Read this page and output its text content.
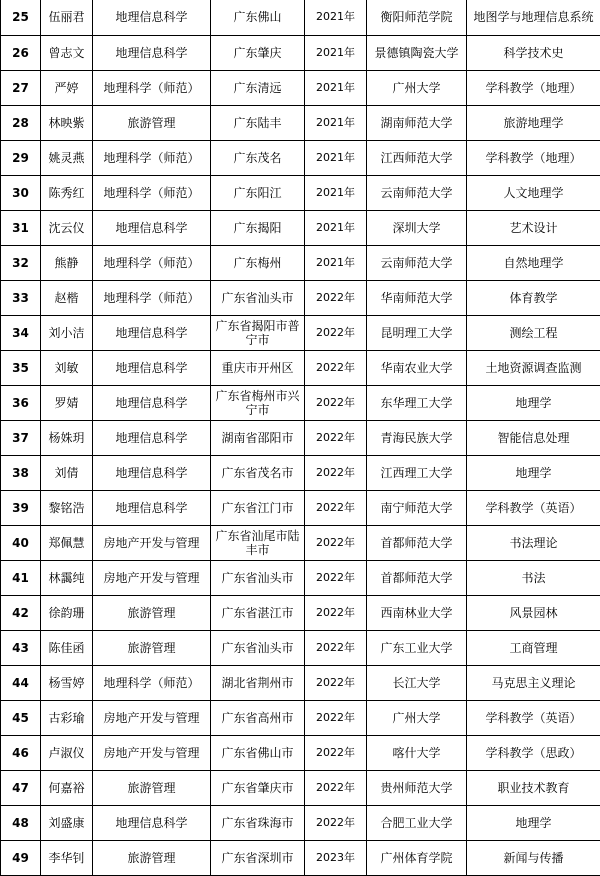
25	伍丽君	地理信息科学	广东佛山	2021年	衡阳师范学院	地图学与地理信息系统
26	曾志文	地理信息科学	广东肇庆	2021年	景德镇陶瓷大学	科学技术史
27	严婷	地理科学（师范）	广东清远	2021年	广州大学	学科教学（地理）
28	林映紫	旅游管理	广东陆丰	2021年	湖南师范大学	旅游地理学
29	姚灵燕	地理科学（师范）	广东茂名	2021年	江西师范大学	学科教学（地理）
30	陈秀红	地理科学（师范）	广东阳江	2021年	云南师范大学	人文地理学
31	沈云仪	地理信息科学	广东揭阳	2021年	深圳大学	艺术设计
32	熊静	地理科学（师范）	广东梅州	2021年	云南师范大学	自然地理学
33	赵楷	地理科学（师范）	广东省汕头市	2022年	华南师范大学	体育教学
34	刘小洁	地理信息科学	广东省揭阳市普宁市	2022年	昆明理工大学	测绘工程
35	刘敏	地理信息科学	重庆市开州区	2022年	华南农业大学	土地资源调查监测
36	罗婧	地理信息科学	广东省梅州市兴宁市	2022年	东华理工大学	地理学
37	杨姝玥	地理信息科学	湖南省邵阳市	2022年	青海民族大学	智能信息处理
38	刘倩	地理信息科学	广东省茂名市	2022年	江西理工大学	地理学
39	黎铭浩	地理信息科学	广东省江门市	2022年	南宁师范大学	学科教学（英语）
40	郑佩慧	房地产开发与管理	广东省汕尾市陆丰市	2022年	首都师范大学	书法理论
41	林靄纯	房地产开发与管理	广东省汕头市	2022年	首都师范大学	书法
42	徐韵珊	旅游管理	广东省湛江市	2022年	西南林业大学	风景园林
43	陈佳函	旅游管理	广东省汕头市	2022年	广东工业大学	工商管理
44	杨雪婷	地理科学（师范）	湖北省荆州市	2022年	长江大学	马克思主义理论
45	古彩瑜	房地产开发与管理	广东省高州市	2022年	广州大学	学科教学（英语）
46	卢淑仪	房地产开发与管理	广东省佛山市	2022年	喀什大学	学科教学（思政）
47	何嘉裕	旅游管理	广东省肇庆市	2022年	贵州师范大学	职业技术教育
48	刘盛康	地理信息科学	广东省珠海市	2022年	合肥工业大学	地理学
49	李华钊	旅游管理	广东省深圳市	2023年	广州体育学院	新闻与传播
